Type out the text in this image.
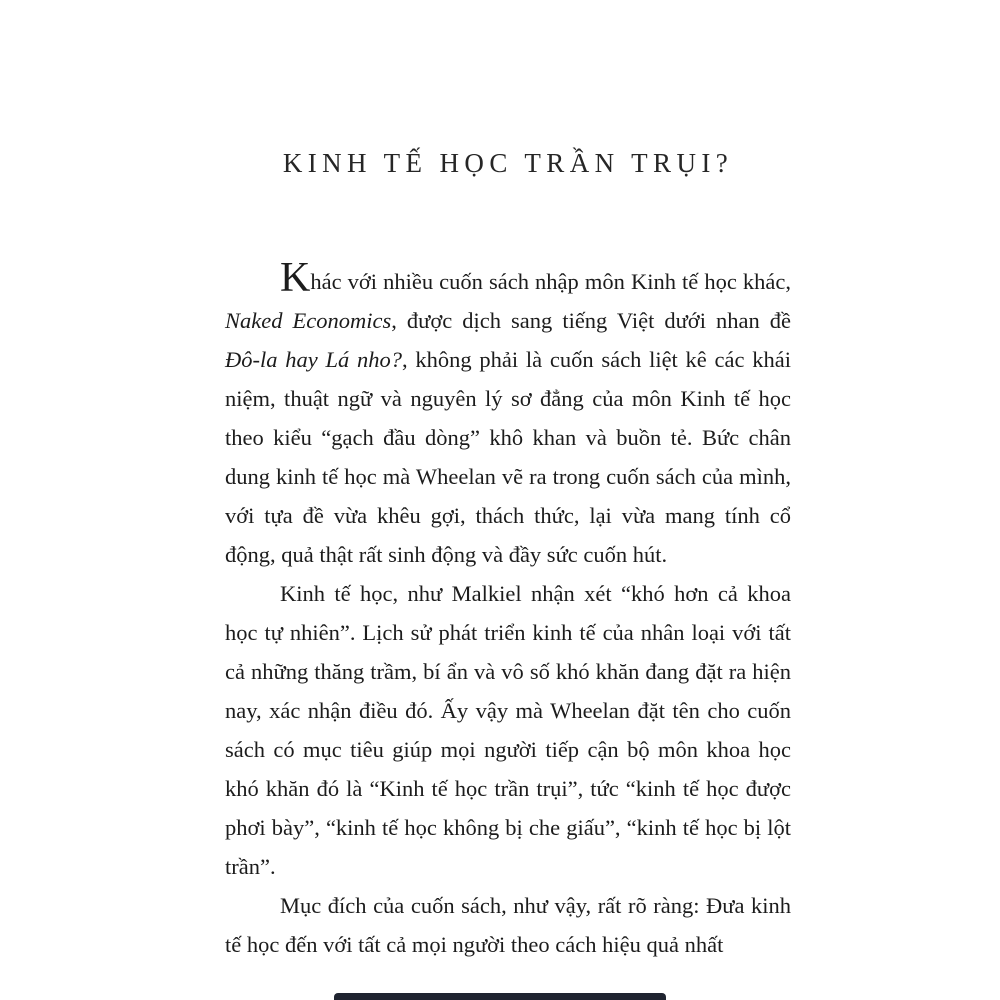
KINH TẾ HỌC TRẦN TRỤI?

Khác với nhiều cuốn sách nhập môn Kinh tế học khác, Naked Economics, được dịch sang tiếng Việt dưới nhan đề Đô-la hay Lá nho?, không phải là cuốn sách liệt kê các khái niệm, thuật ngữ và nguyên lý sơ đẳng của môn Kinh tế học theo kiểu “gạch đầu dòng” khô khan và buồn tẻ. Bức chân dung kinh tế học mà Wheelan vẽ ra trong cuốn sách của mình, với tựa đề vừa khêu gợi, thách thức, lại vừa mang tính cổ động, quả thật rất sinh động và đầy sức cuốn hút.

Kinh tế học, như Malkiel nhận xét “khó hơn cả khoa học tự nhiên”. Lịch sử phát triển kinh tế của nhân loại với tất cả những thăng trầm, bí ẩn và vô số khó khăn đang đặt ra hiện nay, xác nhận điều đó. Ấy vậy mà Wheelan đặt tên cho cuốn sách có mục tiêu giúp mọi người tiếp cận bộ môn khoa học khó khăn đó là “Kinh tế học trần trụi”, tức “kinh tế học được phơi bày”, “kinh tế học không bị che giấu”, “kinh tế học bị lột trần”.

Mục đích của cuốn sách, như vậy, rất rõ ràng: Đưa kinh tế học đến với tất cả mọi người theo cách hiệu quả nhất
